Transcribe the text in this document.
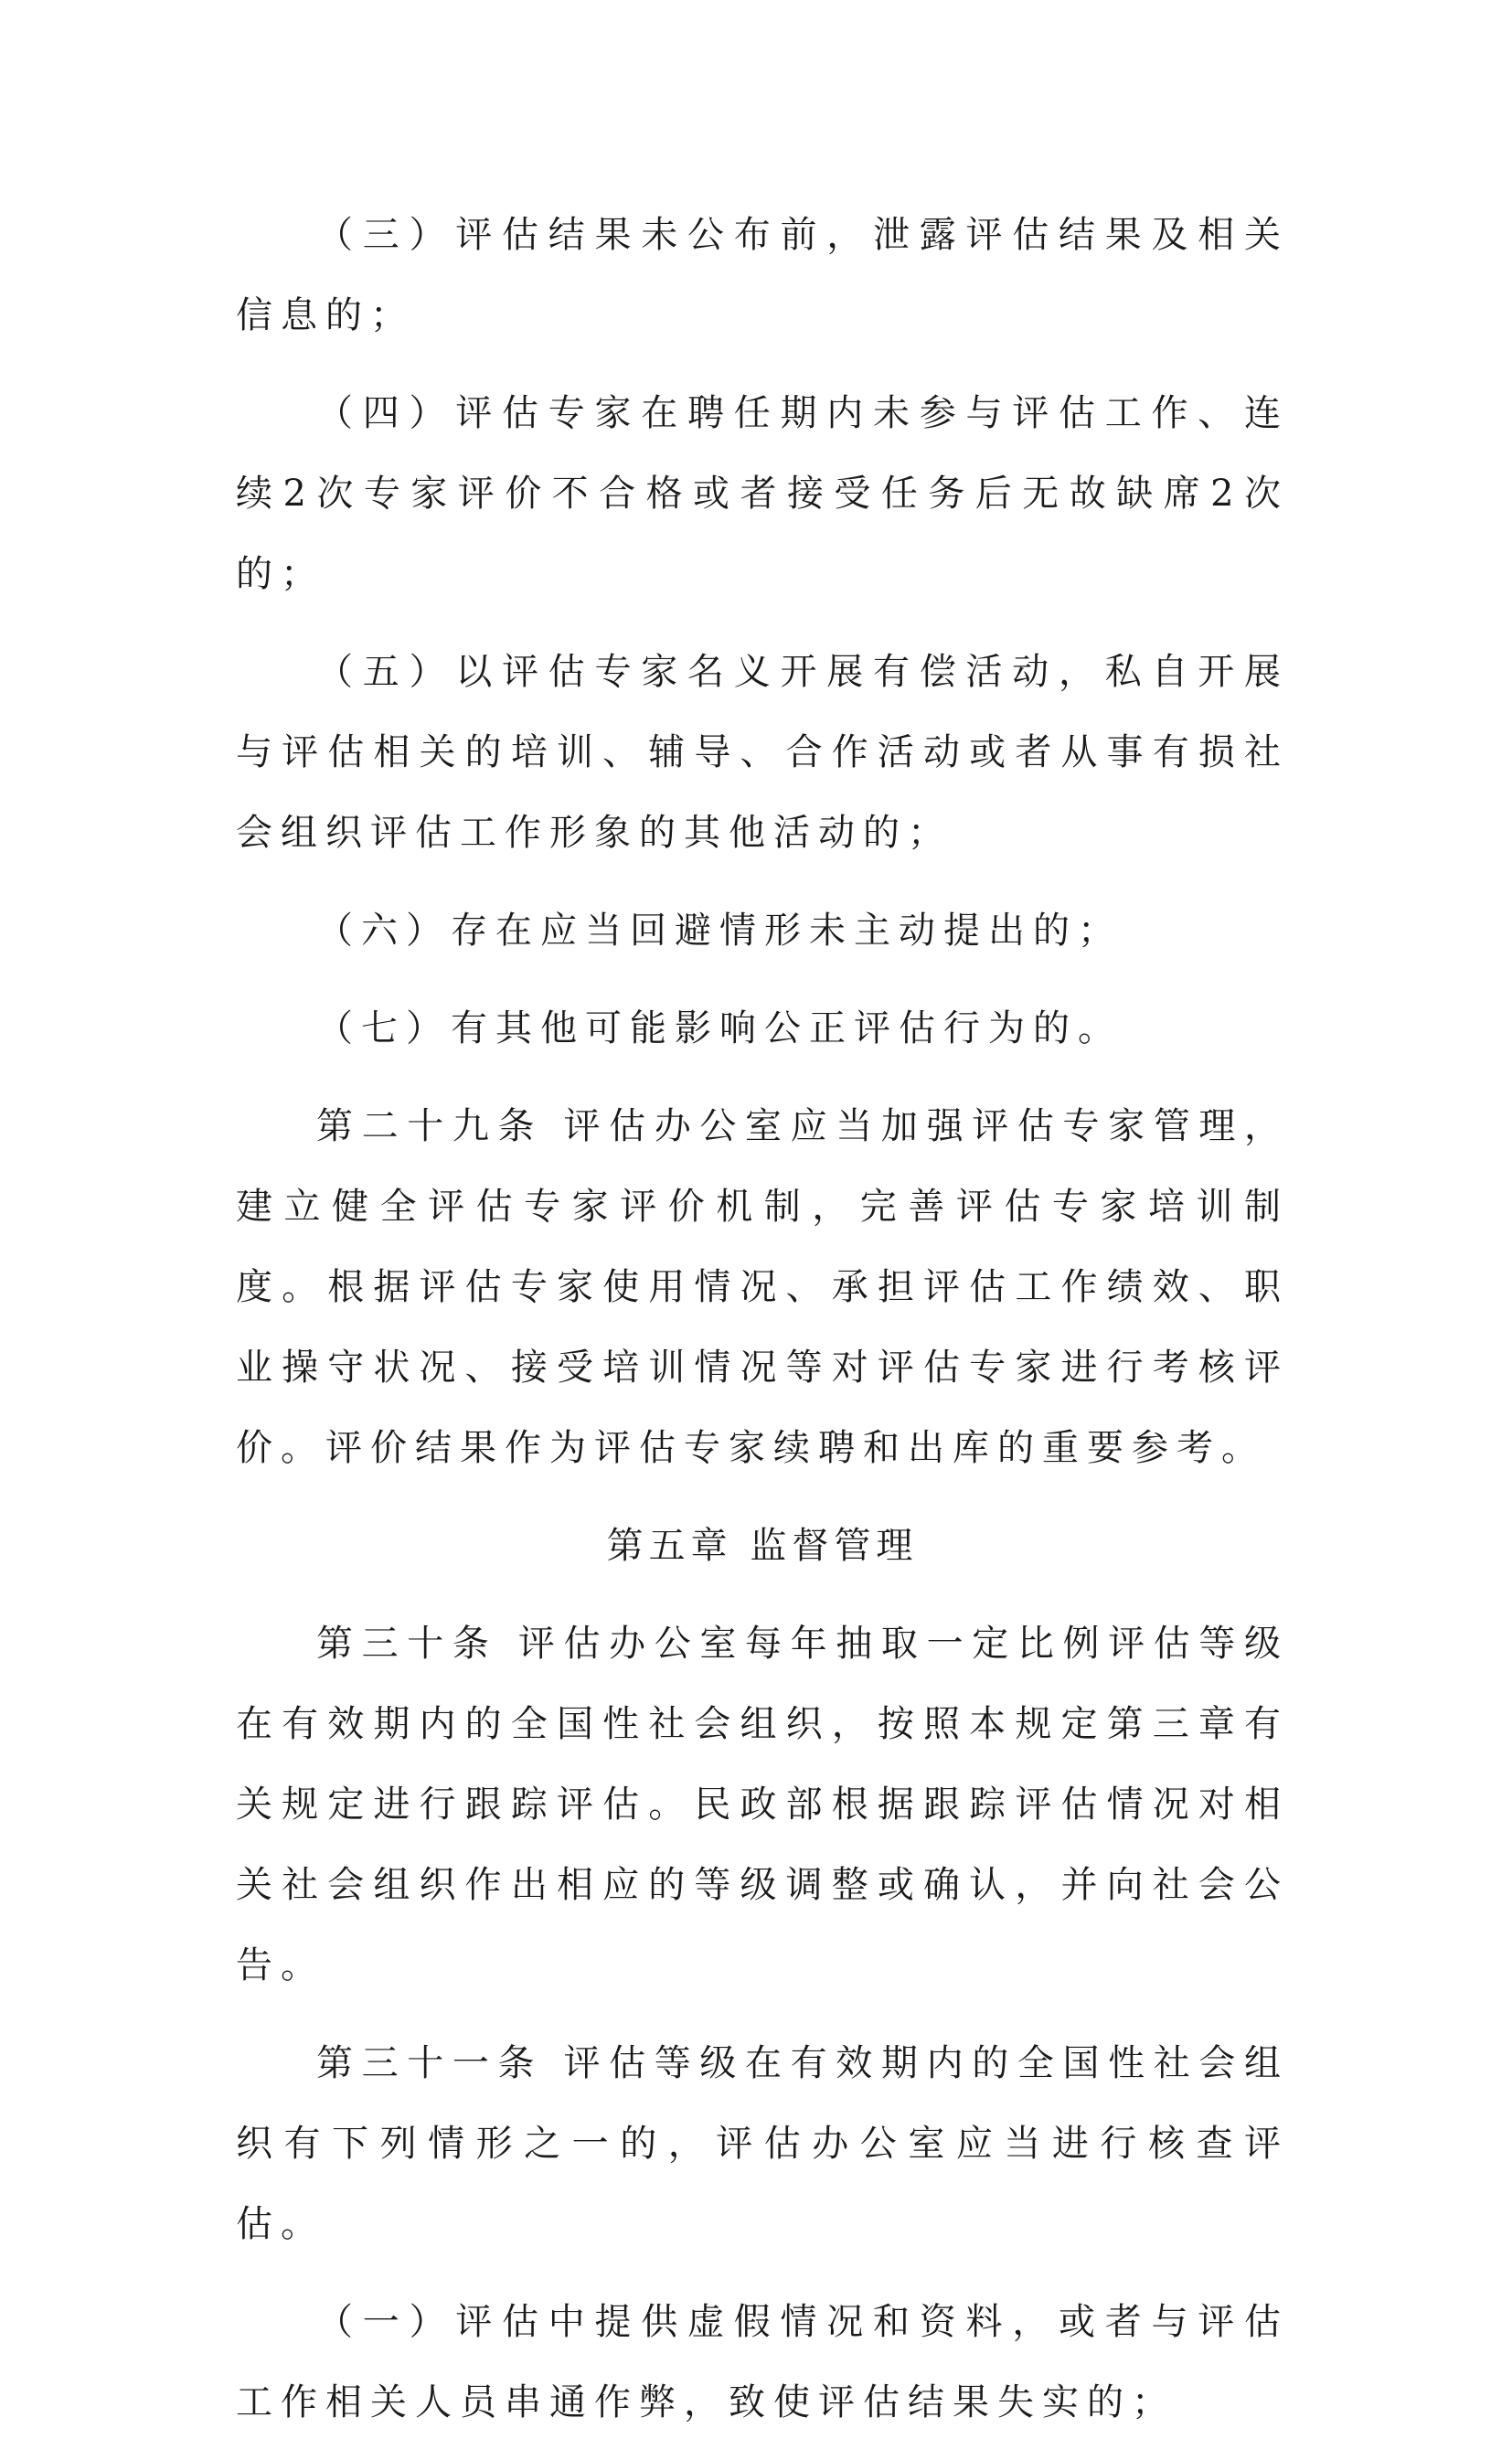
（三）评估结果未公布前，泄露评估结果及相关信息的；

（四）评估专家在聘任期内未参与评估工作、连续2次专家评价不合格或者接受任务后无故缺席2次的；

（五）以评估专家名义开展有偿活动，私自开展与评估相关的培训、辅导、合作活动或者从事有损社会组织评估工作形象的其他活动的；

（六）存在应当回避情形未主动提出的；

（七）有其他可能影响公正评估行为的。

第二十九条 评估办公室应当加强评估专家管理，建立健全评估专家评价机制，完善评估专家培训制度。根据评估专家使用情况、承担评估工作绩效、职业操守状况、接受培训情况等对评估专家进行考核评价。评价结果作为评估专家续聘和出库的重要参考。

第五章 监督管理

第三十条 评估办公室每年抽取一定比例评估等级在有效期内的全国性社会组织，按照本规定第三章有关规定进行跟踪评估。民政部根据跟踪评估情况对相关社会组织作出相应的等级调整或确认，并向社会公告。

第三十一条 评估等级在有效期内的全国性社会组织有下列情形之一的，评估办公室应当进行核查评估。

（一）评估中提供虚假情况和资料，或者与评估工作相关人员串通作弊，致使评估结果失实的；
